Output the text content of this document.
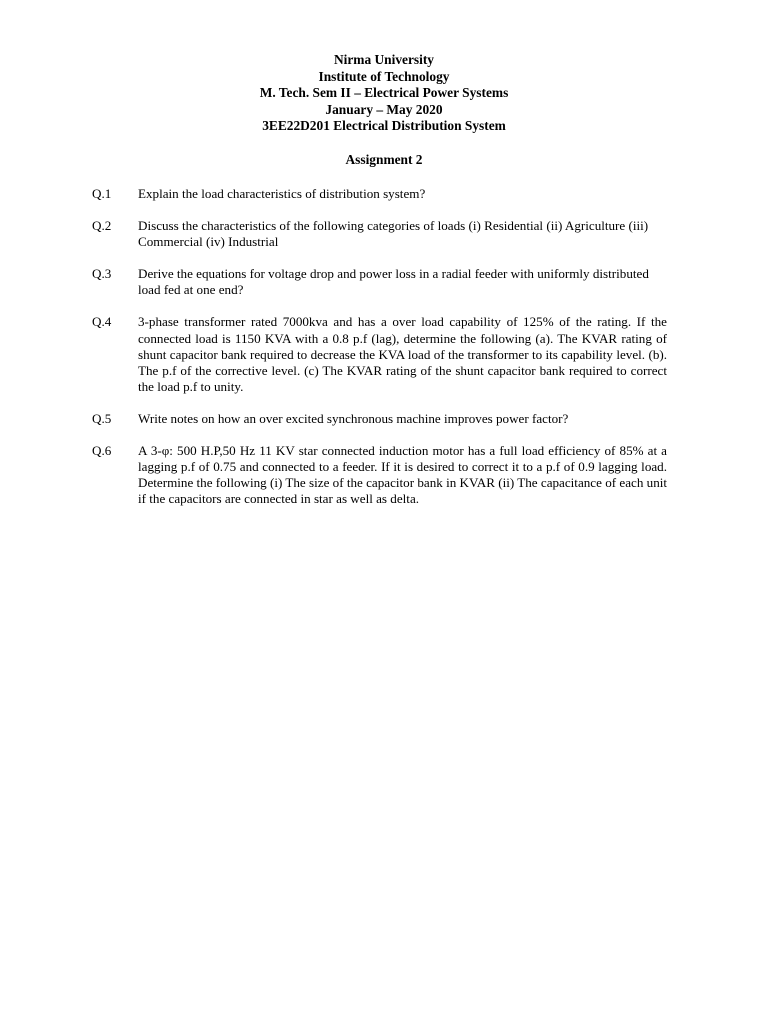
Nirma University
Institute of Technology
M. Tech. Sem II – Electrical Power Systems
January – May 2020
3EE22D201 Electrical Distribution System
Assignment 2
Q.1	Explain the load characteristics of distribution system?
Q.2	Discuss the characteristics of the following categories of loads (i) Residential (ii) Agriculture (iii) Commercial (iv) Industrial
Q.3	Derive the equations for voltage drop and power loss in a radial feeder with uniformly distributed load fed at one end?
Q.4	3-phase transformer rated 7000kva and has a over load capability of 125% of the rating. If the connected load is 1150 KVA with a 0.8 p.f (lag), determine the following (a). The KVAR rating of shunt capacitor bank required to decrease the KVA load of the transformer to its capability level. (b). The p.f of the corrective level. (c) The KVAR rating of the shunt capacitor bank required to correct the load p.f to unity.
Q.5	Write notes on how an over excited synchronous machine improves power factor?
Q.6	A 3-φ: 500 H.P,50 Hz 11 KV star connected induction motor has a full load efficiency of 85% at a lagging p.f of 0.75 and connected to a feeder. If it is desired to correct it to a p.f of 0.9 lagging load. Determine the following (i) The size of the capacitor bank in KVAR (ii) The capacitance of each unit if the capacitors are connected in star as well as delta.
